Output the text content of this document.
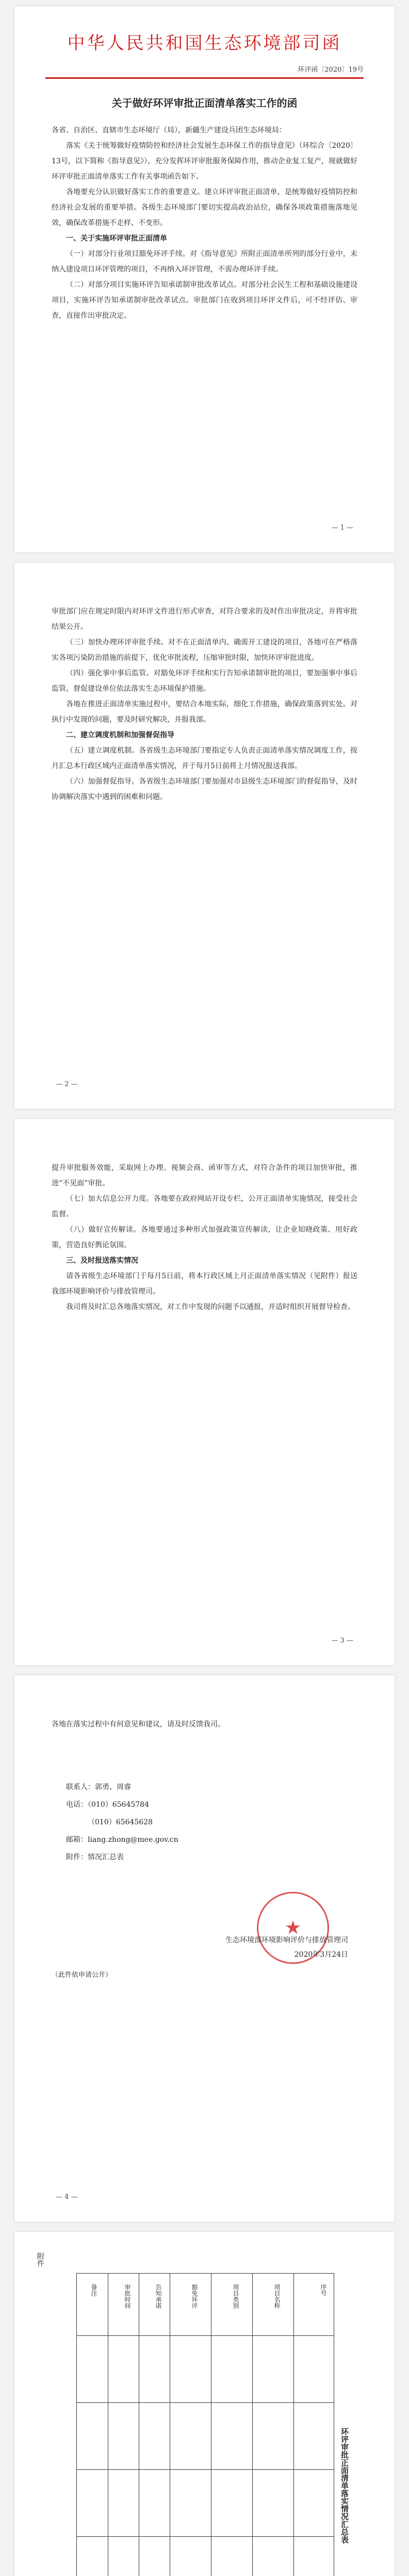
中华人民共和国生态环境部司函
环评函〔2020〕19号
关于做好环评审批正面清单落实工作的函

各省、自治区、直辖市生态环境厅（局），新疆生产建设兵团生态环境局：

落实《关于统筹做好疫情防控和经济社会发展生态环保工作的指导意见》（环综合〔2020〕13号，以下简称《指导意见》），充分发挥环评审批服务保障作用，推动企业复工复产，现就做好环评审批正面清单落实工作有关事项函告如下。

各地要充分认识做好落实工作的重要意义。建立环评审批正面清单，是统筹做好疫情防控和经济社会发展的重要举措。各级生态环境部门要切实提高政治站位，确保各项政策措施落地见效，确保改革措施不走样、不变形。

一、关于实施环评审批正面清单

（一）对部分行业项目豁免环评手续。对《指导意见》所附正面清单所列的部分行业中，未纳入建设项目环评管理的项目，不再纳入环评管理，不需办理环评手续。

（二）对部分项目实施环评告知承诺制审批改革试点。对部分社会民生工程和基础设施建设项目，实施环评告知承诺制审批改革试点。审批部门在收到项目环评文件后，可不经评估、审查，直接作出审批决定。

— 1 —

审批部门应在规定时限内对环评文件进行形式审查，对符合要求的及时作出审批决定，并将审批结果公开。

（三）加快办理环评审批手续。对不在正面清单内、确需开工建设的项目，各地可在严格落实各项污染防治措施的前提下，优化审批流程，压缩审批时限，加快环评审批进度。

（四）强化事中事后监管。对豁免环评手续和实行告知承诺制审批的项目，要加强事中事后监管，督促建设单位依法落实生态环境保护措施。

各地在推进正面清单实施过程中，要结合本地实际，细化工作措施，确保政策落到实处。对执行中发现的问题，要及时研究解决，并报我部。

二、建立调度机制和加强督促指导

（五）建立调度机制。各省级生态环境部门要指定专人负责正面清单落实情况调度工作，按月汇总本行政区域内正面清单落实情况，并于每月5日前将上月情况报送我部。

（六）加强督促指导。各省级生态环境部门要加强对市县级生态环境部门的督促指导，及时协调解决落实中遇到的困难和问题。

— 2 —

提升审批服务效能，采取网上办理、视频会商、函审等方式，对符合条件的项目加快审批，推进“不见面”审批。

（七）加大信息公开力度。各地要在政府网站开设专栏，公开正面清单实施情况，接受社会监督。

（八）做好宣传解读。各地要通过多种形式加强政策宣传解读，让企业知晓政策、用好政策，营造良好舆论氛围。

三、及时报送落实情况

请各省级生态环境部门于每月5日前，将本行政区域上月正面清单落实情况（见附件）报送我部环境影响评价与排放管理司。

我司将及时汇总各地落实情况，对工作中发现的问题予以通报，并适时组织开展督导检查。

— 3 —

各地在落实过程中有何意见和建议，请及时反馈我司。

联系人：郭勇、周睿
电话：（010）65645784
（010）65645628
邮箱：liang.zhong@mee.gov.cn
附件：情况汇总表
★
生态环境部环境影响评价与排放管理司
2020年3月24日
（此件依申请公开）
— 4 —
附件
序号
项目名称
项目类别
豁免环评
告知承诺
审批时间
备注
环评审批正面清单落实情况汇总表
